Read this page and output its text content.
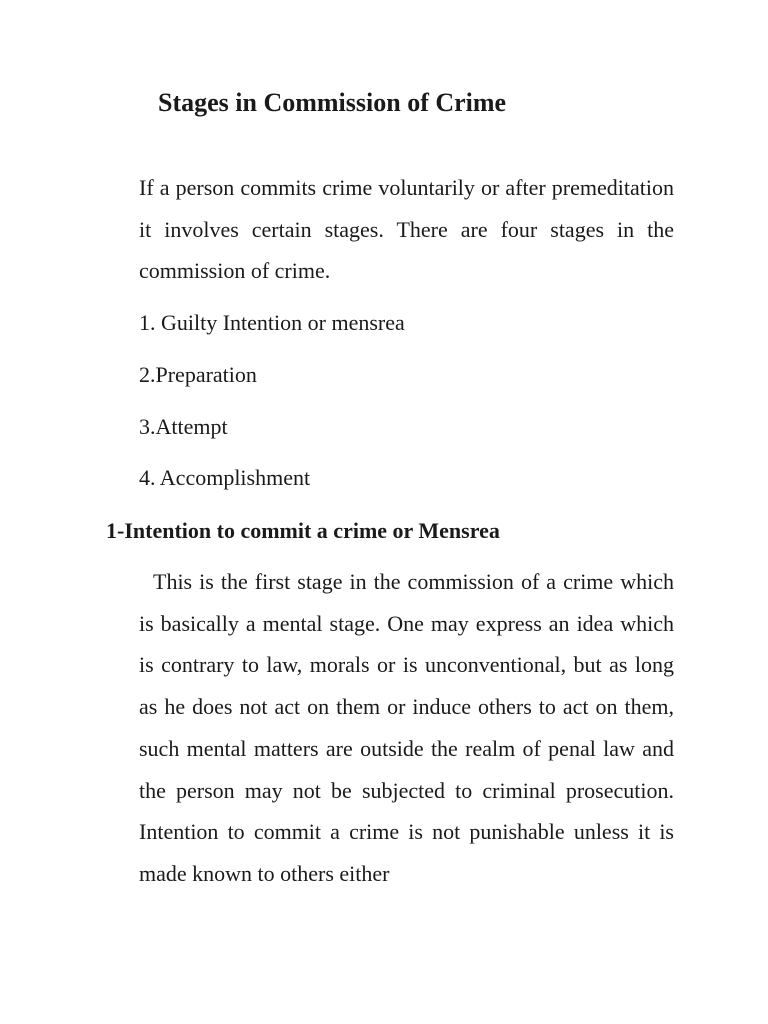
Stages in Commission of Crime

If a person commits crime voluntarily or after premeditation it involves certain stages. There are four stages in the commission of crime.

1. Guilty Intention or mensrea

2.Preparation

3.Attempt

4. Accomplishment

1-Intention to commit a crime or Mensrea

This is the first stage in the commission of a crime which is basically a mental stage. One may express an idea which is contrary to law, morals or is unconventional, but as long as he does not act on them or induce others to act on them, such mental matters are outside the realm of penal law and the person may not be subjected to criminal prosecution. Intention to commit a crime is not punishable unless it is made known to others either
